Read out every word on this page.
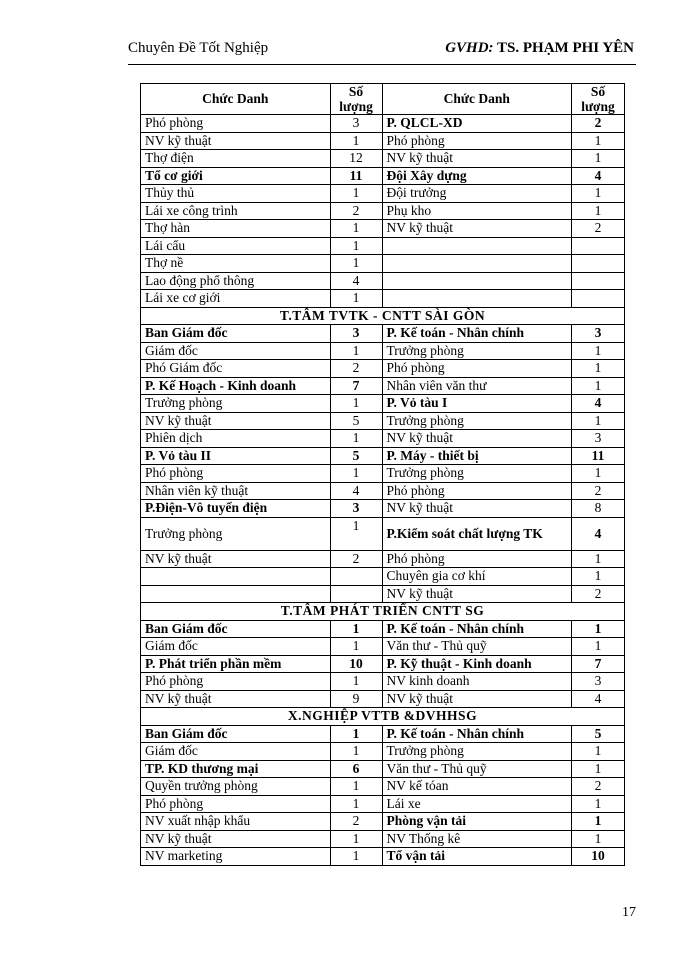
Chuyên Đề Tốt Nghiệp	GVHD: TS. PHẠM PHI YÊN
Chức Danh	Số lượng	Chức Danh	Số lượng
Phó phòng	3	P. QLCL-XD	2
NV kỹ thuật	1	Phó phòng	1
Thợ điện	12	NV kỹ thuật	1
Tổ cơ giới	11	Đội Xây dựng	4
Thủy thủ	1	Đội trưởng	1
Lái xe công trình	2	Phụ kho	1
Thợ hàn	1	NV kỹ thuật	2
Lái cẩu	1		
Thợ nề	1		
Lao động phổ thông	4		
Lái xe cơ giới	1		
T.TÂM TVTK - CNTT SÀI GÒN			
Ban Giám đốc	3	P. Kế toán - Nhân chính	3
Giám đốc	1	Trưởng phòng	1
Phó Giám đốc	2	Phó phòng	1
P. Kế Hoạch - Kinh doanh	7	Nhân viên văn thư	1
Trưởng phòng	1	P. Vỏ tàu I	4
NV kỹ thuật	5	Trưởng phòng	1
Phiên dịch	1	NV kỹ thuật	3
P. Vỏ tàu II	5	P. Máy - thiết bị	11
Phó phòng	1	Trưởng phòng	1
Nhân viên kỹ thuật	4	Phó phòng	2
P.Điện-Vô tuyến điện	3	NV kỹ thuật	8
Trưởng phòng	1	P.Kiểm soát chất lượng TK	4
NV kỹ thuật	2	Phó phòng	1
		Chuyên gia cơ khí	1
		NV kỹ thuật	2
T.TÂM PHÁT TRIỂN CNTT SG			
Ban Giám đốc	1	P. Kế toán - Nhân chính	1
Giám đốc	1	Văn thư - Thủ quỹ	1
P. Phát triển phần mềm	10	P. Kỹ thuật - Kinh doanh	7
Phó phòng	1	NV kinh doanh	3
NV kỹ thuật	9	NV kỹ thuật	4
X.NGHIỆP VTTB &DVHHSG			
Ban Giám đốc	1	P. Kế toán - Nhân chính	5
Giám đốc	1	Trưởng phòng	1
TP. KD thương mại	6	Văn thư - Thủ quỹ	1
Quyền trưởng phòng	1	NV kế tóan	2
Phó phòng	1	Lái xe	1
NV xuất nhập khẩu	2	Phòng vận tải	1
NV kỹ thuật	1	NV Thống kê	1
NV marketing	1	Tổ vận tải	10
17
